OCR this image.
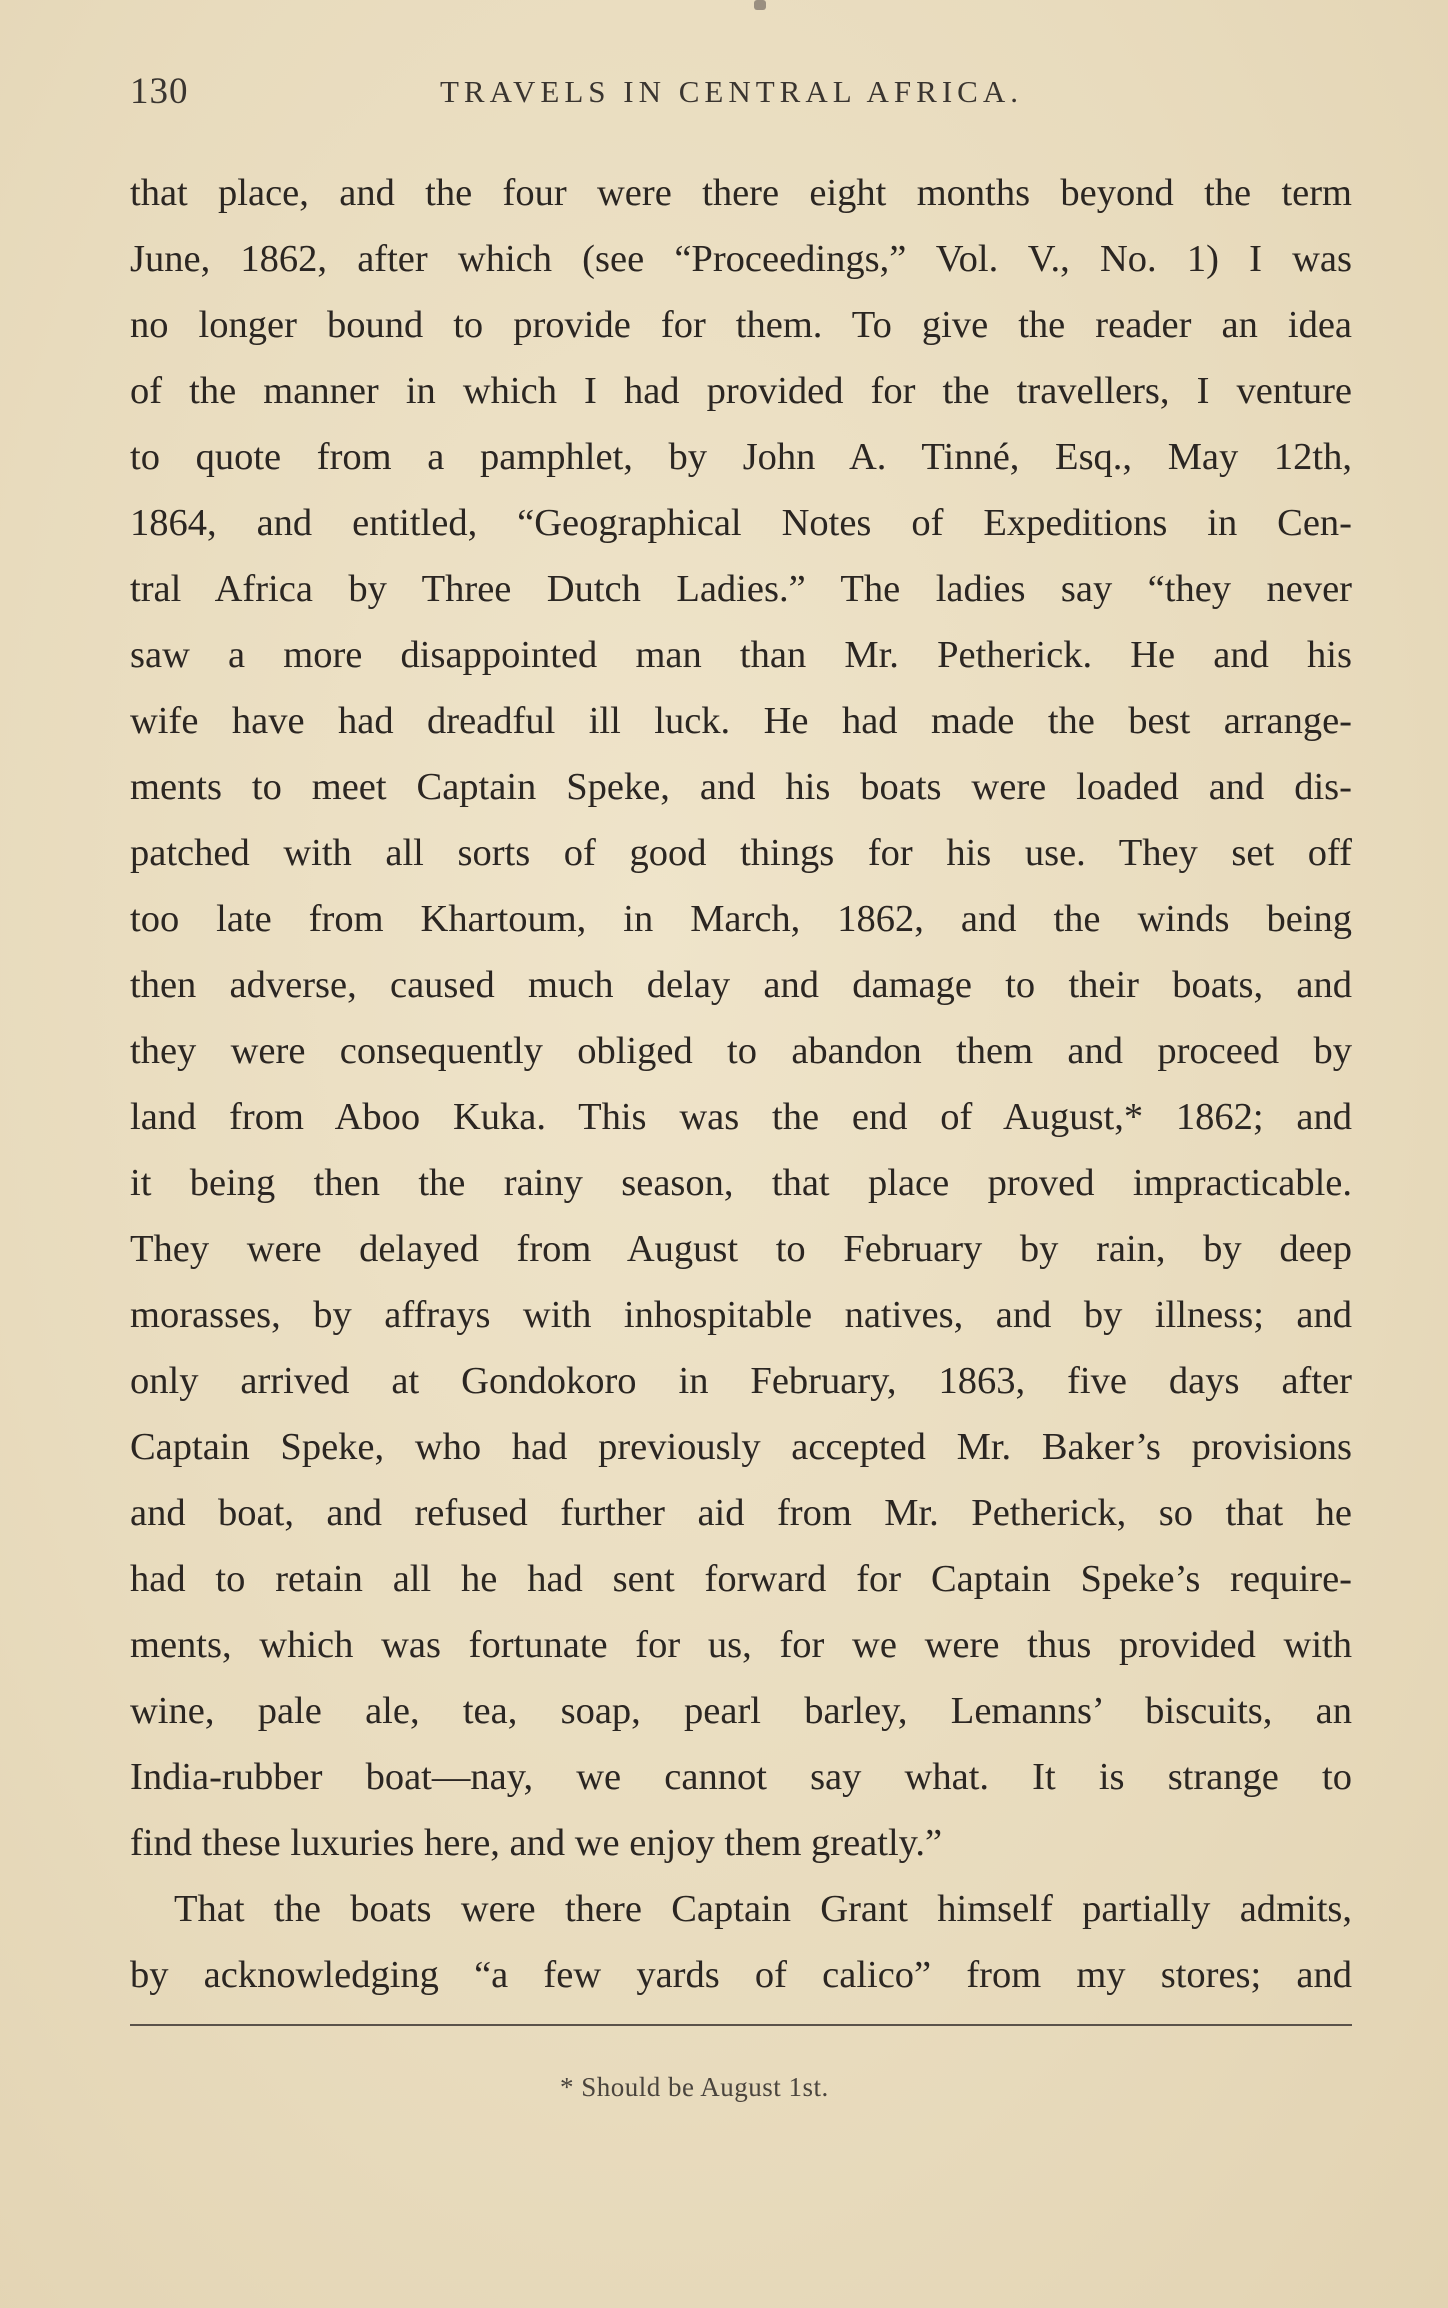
130	TRAVELS IN CENTRAL AFRICA.
that place, and the four were there eight months beyond the term
June, 1862, after which (see “Proceedings,” Vol. V., No. 1) I was
no longer bound to provide for them. To give the reader an idea
of the manner in which I had provided for the travellers, I venture
to quote from a pamphlet, by John A. Tinné, Esq., May 12th,
1864, and entitled, “Geographical Notes of Expeditions in Cen-
tral Africa by Three Dutch Ladies.” The ladies say “they never
saw a more disappointed man than Mr. Petherick. He and his
wife have had dreadful ill luck. He had made the best arrange-
ments to meet Captain Speke, and his boats were loaded and dis-
patched with all sorts of good things for his use. They set off
too late from Khartoum, in March, 1862, and the winds being
then adverse, caused much delay and damage to their boats, and
they were consequently obliged to abandon them and proceed by
land from Aboo Kuka. This was the end of August,* 1862; and
it being then the rainy season, that place proved impracticable.
They were delayed from August to February by rain, by deep
morasses, by affrays with inhospitable natives, and by illness; and
only arrived at Gondokoro in February, 1863, five days after
Captain Speke, who had previously accepted Mr. Baker’s provisions
and boat, and refused further aid from Mr. Petherick, so that he
had to retain all he had sent forward for Captain Speke’s require-
ments, which was fortunate for us, for we were thus provided with
wine, pale ale, tea, soap, pearl barley, Lemanns’ biscuits, an
India-rubber boat—nay, we cannot say what. It is strange to
find these luxuries here, and we enjoy them greatly.”
That the boats were there Captain Grant himself partially admits,
by acknowledging “a few yards of calico” from my stores; and
* Should be August 1st.
